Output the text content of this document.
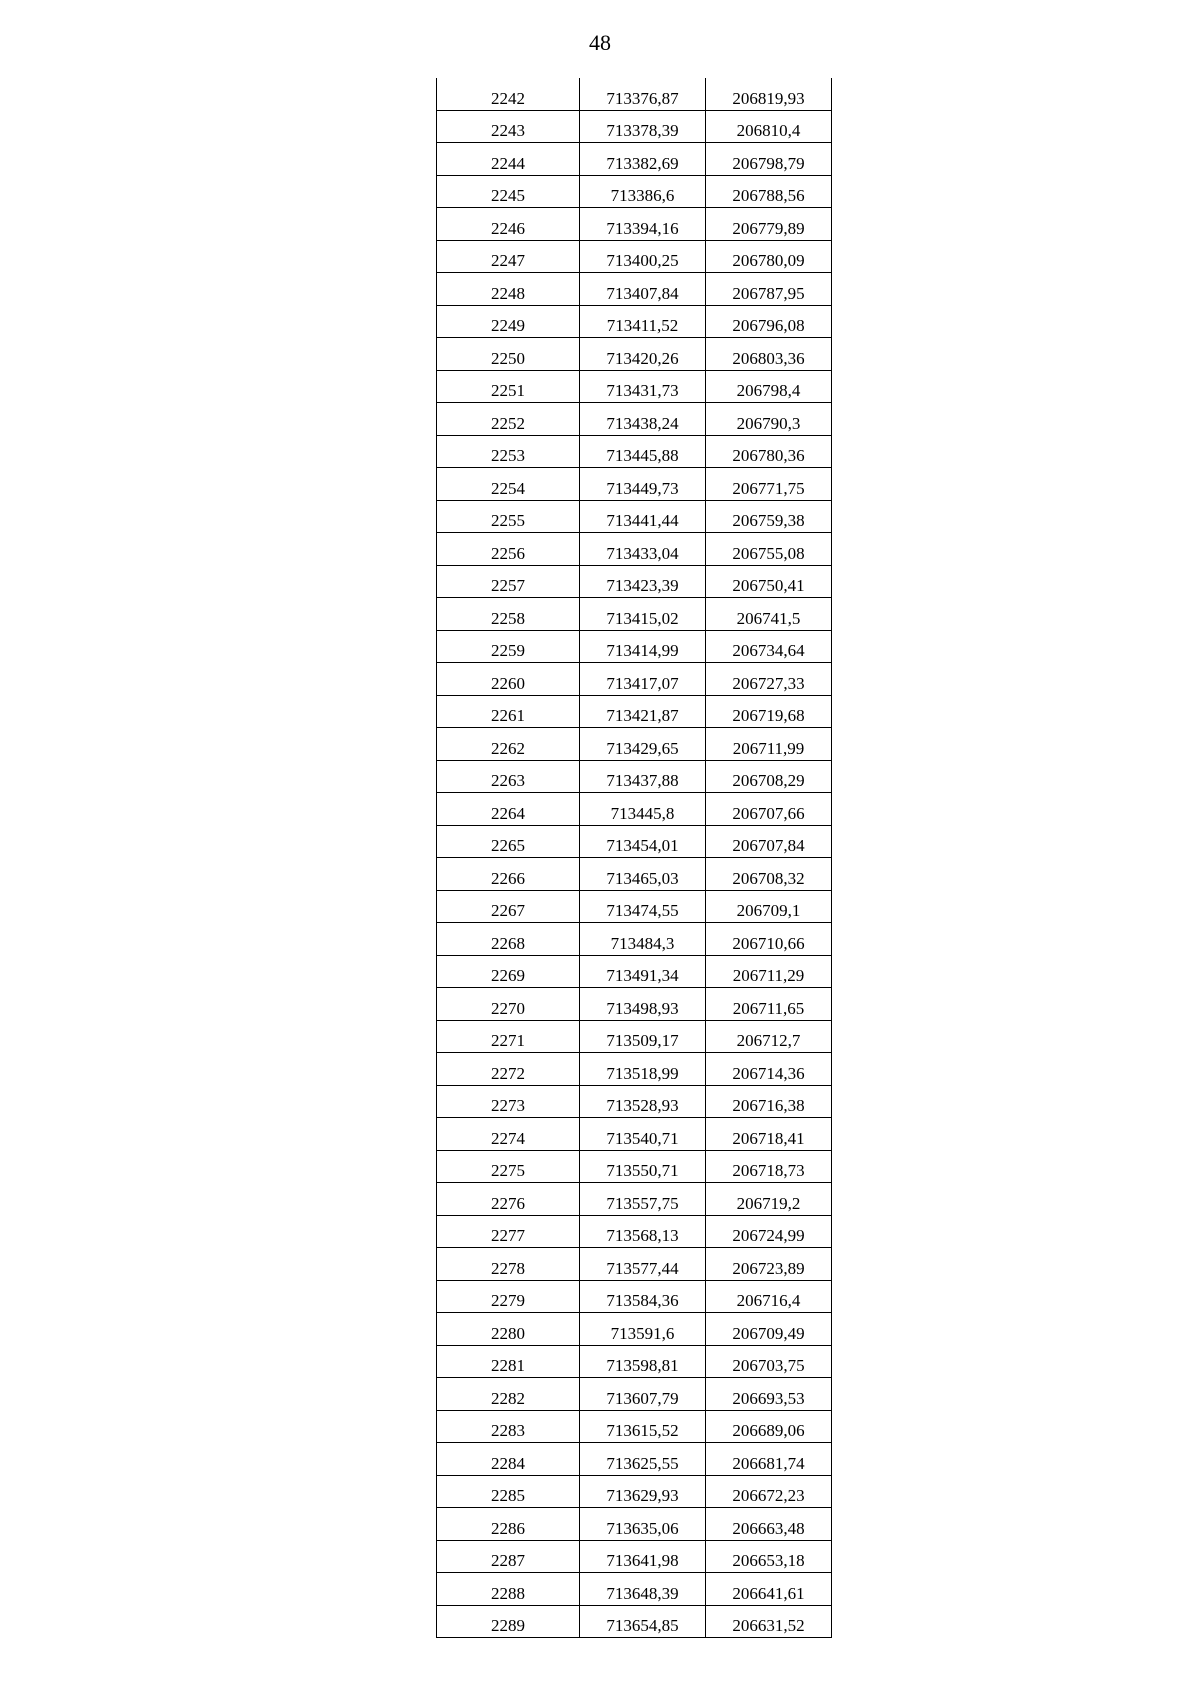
48
2242	713376,87	206819,93
2243	713378,39	206810,4
2244	713382,69	206798,79
2245	713386,6	206788,56
2246	713394,16	206779,89
2247	713400,25	206780,09
2248	713407,84	206787,95
2249	713411,52	206796,08
2250	713420,26	206803,36
2251	713431,73	206798,4
2252	713438,24	206790,3
2253	713445,88	206780,36
2254	713449,73	206771,75
2255	713441,44	206759,38
2256	713433,04	206755,08
2257	713423,39	206750,41
2258	713415,02	206741,5
2259	713414,99	206734,64
2260	713417,07	206727,33
2261	713421,87	206719,68
2262	713429,65	206711,99
2263	713437,88	206708,29
2264	713445,8	206707,66
2265	713454,01	206707,84
2266	713465,03	206708,32
2267	713474,55	206709,1
2268	713484,3	206710,66
2269	713491,34	206711,29
2270	713498,93	206711,65
2271	713509,17	206712,7
2272	713518,99	206714,36
2273	713528,93	206716,38
2274	713540,71	206718,41
2275	713550,71	206718,73
2276	713557,75	206719,2
2277	713568,13	206724,99
2278	713577,44	206723,89
2279	713584,36	206716,4
2280	713591,6	206709,49
2281	713598,81	206703,75
2282	713607,79	206693,53
2283	713615,52	206689,06
2284	713625,55	206681,74
2285	713629,93	206672,23
2286	713635,06	206663,48
2287	713641,98	206653,18
2288	713648,39	206641,61
2289	713654,85	206631,52
